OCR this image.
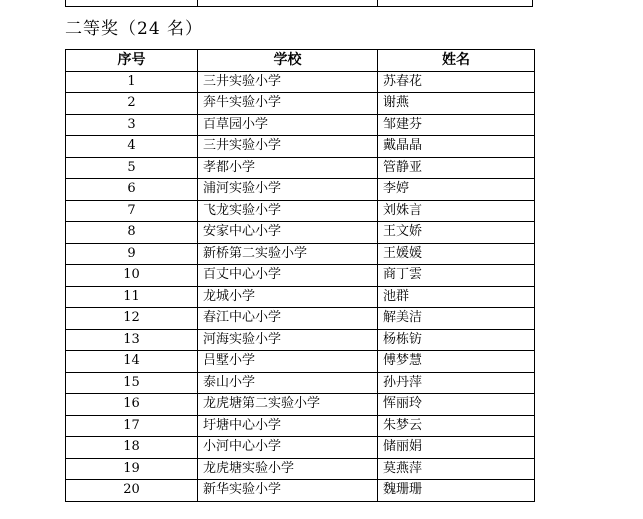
二等奖（24 名）
序号	学校	姓名
1	三井实验小学	苏春花
2	奔牛实验小学	谢燕
3	百草园小学	邹建芬
4	三井实验小学	戴晶晶
5	孝都小学	管静亚
6	浦河实验小学	李婷
7	飞龙实验小学	刘姝言
8	安家中心小学	王文娇
9	新桥第二实验小学	王媛媛
10	百丈中心小学	商丁雲
11	龙城小学	池群
12	春江中心小学	解美洁
13	河海实验小学	杨栋钫
14	吕墅小学	傅梦慧
15	泰山小学	孙丹萍
16	龙虎塘第二实验小学	恽丽玲
17	圩塘中心小学	朱梦云
18	小河中心小学	储丽娟
19	龙虎塘实验小学	莫燕萍
20	新华实验小学	魏珊珊
